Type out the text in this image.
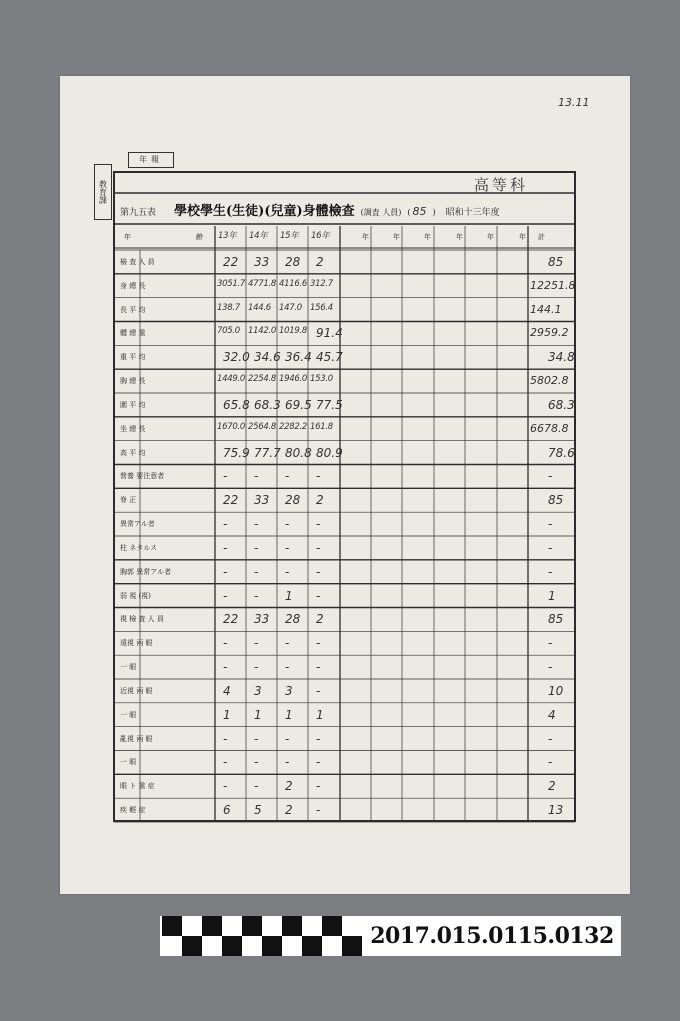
13.11
年報
教育課	高等科
第九五表 學校學生(生徒)(兒童)身體檢查 (調査 人員) ( 85 ) 昭和十三年度
年	齢 13年 14年 15年 16年	年	年	年	年	年	年 計
檢 査 人 員	22 33 28 2	85
身 總 長	3051.7 4771.8 4116.6 312.7	12251.8
長 平 均	138.7 144.6 147.0 156.4	144.1
體 總 重	705.0 1142.0 1019.8 91.4	2959.2
重 平 均	32.0 34.6 36.4 45.7	34.8
胸 總 長	1449.0 2254.8 1946.0 153.0	5802.8
圍 平 均	65.8 68.3 69.5 77.5	68.3
坐 總 長	1670.0 2564.8 2282.2 161.8	6678.8
高 平 均	75.9 77.7 80.8 80.9	78.6
營養 要注意者	- - - -	-
脊 正	22 33 28 2	85
異常アル者	- - - -	-
柱 ネタルス	- - - -	-
胸郭 異常アル者	- - - -	-
弱 視 (視)	- - 1 -	1
視 檢 査 人 員	22 33 28 2	85
遠視 兩 眼	- - - -	-
一 眼	- - - -	-
近視 兩 眼	4 3 3 -	10
一 眼	1 1 1 1	4
亂視 兩 眼	- - - -	-
一 眼	- - - -	-
眼 ト 重 症	- - 2 -	2
疾 輕 症	6 5 2 -	13
2017.015.0115.0132
